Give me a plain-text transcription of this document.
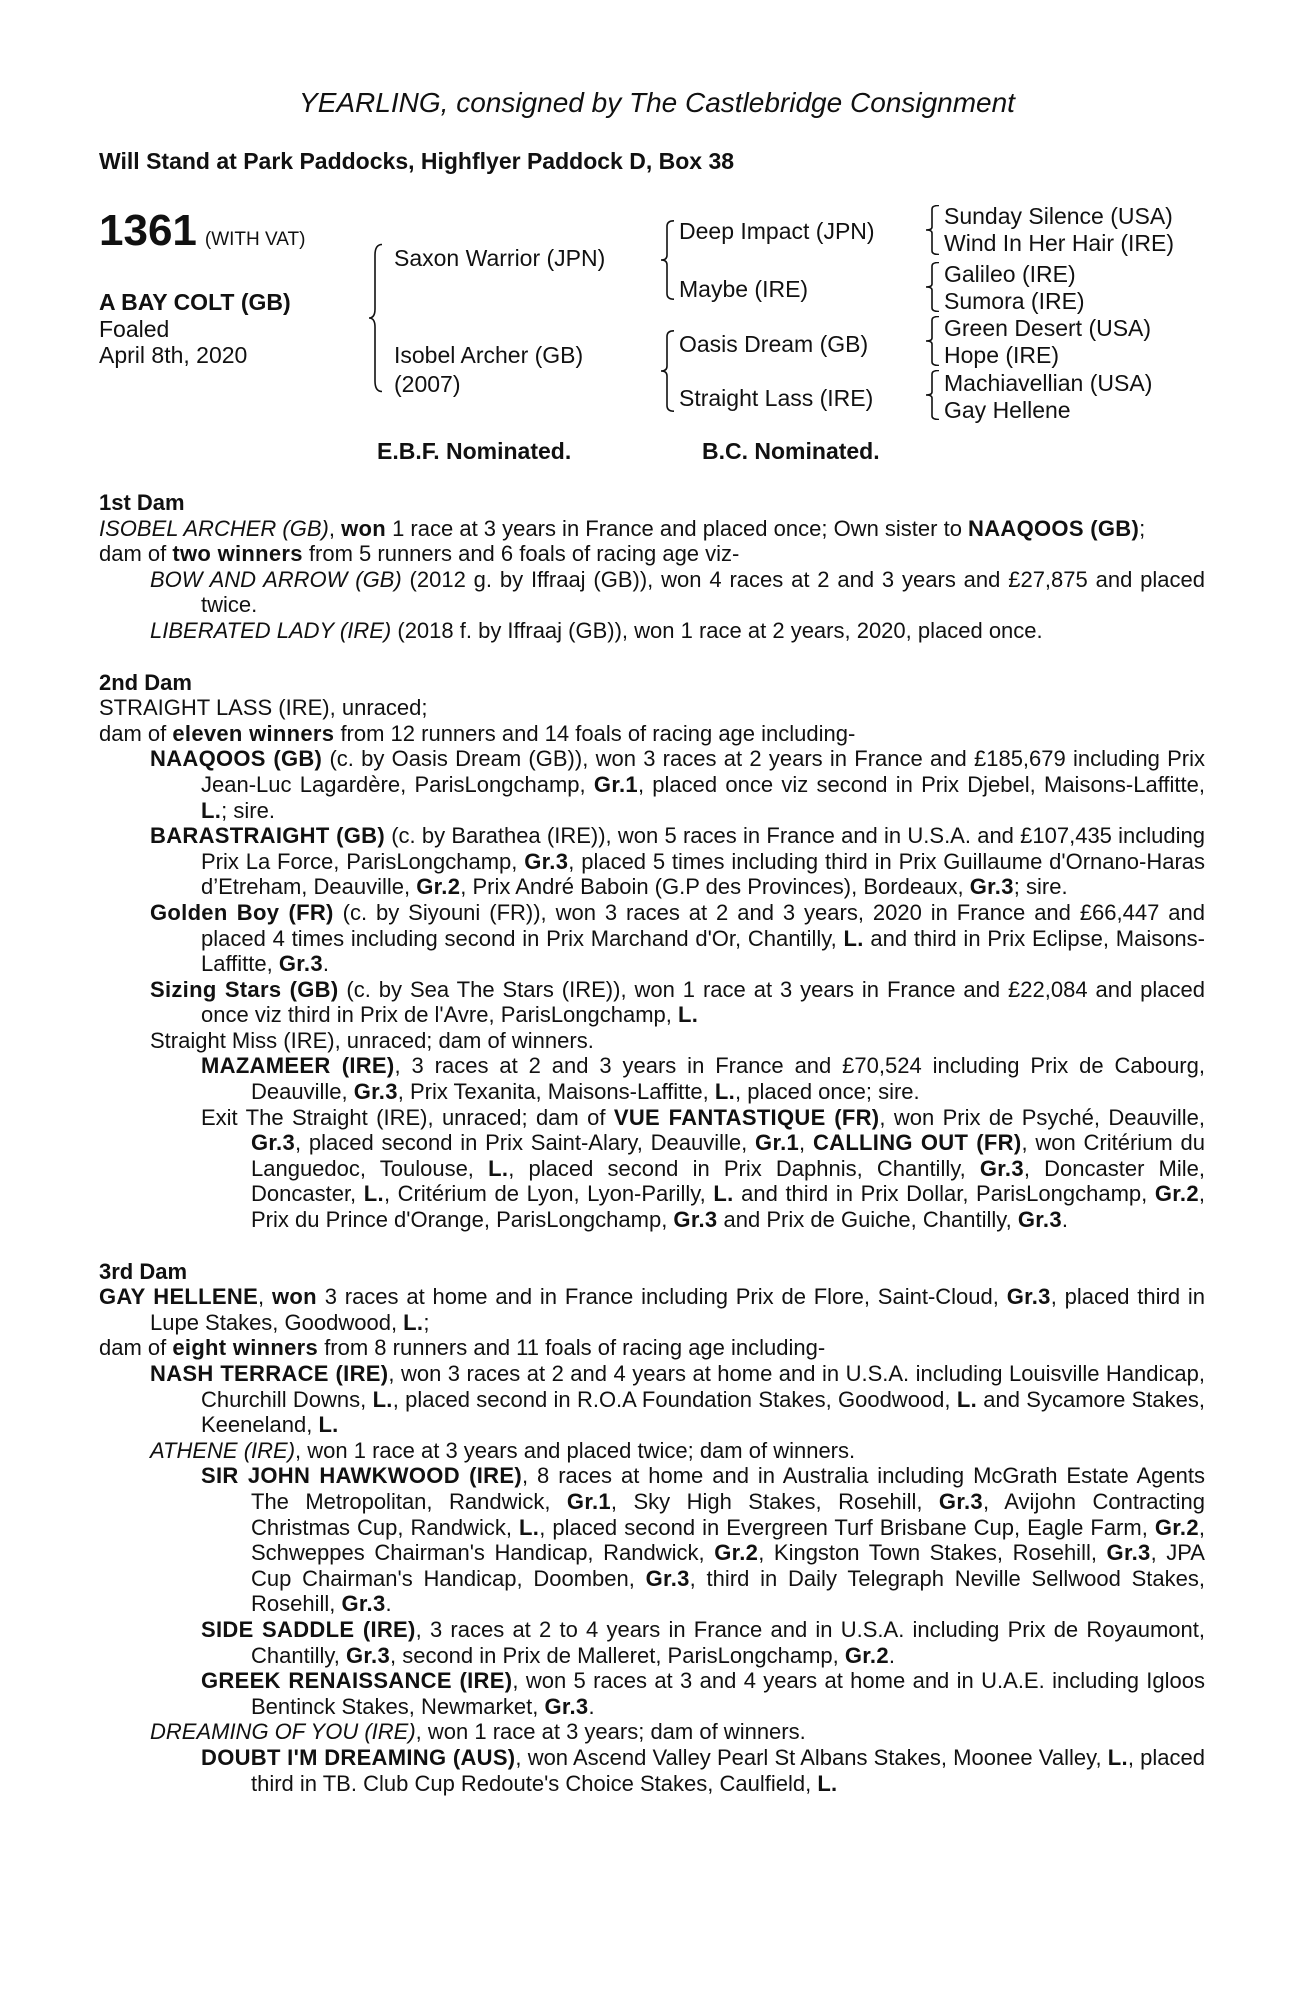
YEARLING, consigned by The Castlebridge Consignment
Will Stand at Park Paddocks, Highflyer Paddock D, Box 38
1361 (WITH VAT)
A BAY COLT (GB)
Foaled
April 8th, 2020
Saxon Warrior (JPN)
Isobel Archer (GB)
(2007)
Deep Impact (JPN)
Maybe (IRE)
Oasis Dream (GB)
Straight Lass (IRE)
Sunday Silence (USA)
Wind In Her Hair (IRE)
Galileo (IRE)
Sumora (IRE)
Green Desert (USA)
Hope (IRE)
Machiavellian (USA)
Gay Hellene
E.B.F. Nominated.	B.C. Nominated.
1st Dam
ISOBEL ARCHER (GB), won 1 race at 3 years in France and placed once; Own sister to NAAQOOS (GB);
dam of two winners from 5 runners and 6 foals of racing age viz-
BOW AND ARROW (GB) (2012 g. by Iffraaj (GB)), won 4 races at 2 and 3 years and £27,875 and placed twice.
LIBERATED LADY (IRE) (2018 f. by Iffraaj (GB)), won 1 race at 2 years, 2020, placed once.
2nd Dam
STRAIGHT LASS (IRE), unraced;
dam of eleven winners from 12 runners and 14 foals of racing age including-
NAAQOOS (GB) (c. by Oasis Dream (GB)), won 3 races at 2 years in France and £185,679 including Prix Jean-Luc Lagardère, ParisLongchamp, Gr.1, placed once viz second in Prix Djebel, Maisons-Laffitte, L.; sire.
BARASTRAIGHT (GB) (c. by Barathea (IRE)), won 5 races in France and in U.S.A. and £107,435 including Prix La Force, ParisLongchamp, Gr.3, placed 5 times including third in Prix Guillaume d'Ornano-Haras d’Etreham, Deauville, Gr.2, Prix André Baboin (G.P des Provinces), Bordeaux, Gr.3; sire.
Golden Boy (FR) (c. by Siyouni (FR)), won 3 races at 2 and 3 years, 2020 in France and £66,447 and placed 4 times including second in Prix Marchand d'Or, Chantilly, L. and third in Prix Eclipse, Maisons-Laffitte, Gr.3.
Sizing Stars (GB) (c. by Sea The Stars (IRE)), won 1 race at 3 years in France and £22,084 and placed once viz third in Prix de l'Avre, ParisLongchamp, L.
Straight Miss (IRE), unraced; dam of winners.
MAZAMEER (IRE), 3 races at 2 and 3 years in France and £70,524 including Prix de Cabourg, Deauville, Gr.3, Prix Texanita, Maisons-Laffitte, L., placed once; sire.
Exit The Straight (IRE), unraced; dam of VUE FANTASTIQUE (FR), won Prix de Psyché, Deauville, Gr.3, placed second in Prix Saint-Alary, Deauville, Gr.1, CALLING OUT (FR), won Critérium du Languedoc, Toulouse, L., placed second in Prix Daphnis, Chantilly, Gr.3, Doncaster Mile, Doncaster, L., Critérium de Lyon, Lyon-Parilly, L. and third in Prix Dollar, ParisLongchamp, Gr.2, Prix du Prince d'Orange, ParisLongchamp, Gr.3 and Prix de Guiche, Chantilly, Gr.3.
3rd Dam
GAY HELLENE, won 3 races at home and in France including Prix de Flore, Saint-Cloud, Gr.3, placed third in Lupe Stakes, Goodwood, L.;
dam of eight winners from 8 runners and 11 foals of racing age including-
NASH TERRACE (IRE), won 3 races at 2 and 4 years at home and in U.S.A. including Louisville Handicap, Churchill Downs, L., placed second in R.O.A Foundation Stakes, Goodwood, L. and Sycamore Stakes, Keeneland, L.
ATHENE (IRE), won 1 race at 3 years and placed twice; dam of winners.
SIR JOHN HAWKWOOD (IRE), 8 races at home and in Australia including McGrath Estate Agents The Metropolitan, Randwick, Gr.1, Sky High Stakes, Rosehill, Gr.3, Avijohn Contracting Christmas Cup, Randwick, L., placed second in Evergreen Turf Brisbane Cup, Eagle Farm, Gr.2, Schweppes Chairman's Handicap, Randwick, Gr.2, Kingston Town Stakes, Rosehill, Gr.3, JPA Cup Chairman's Handicap, Doomben, Gr.3, third in Daily Telegraph Neville Sellwood Stakes, Rosehill, Gr.3.
SIDE SADDLE (IRE), 3 races at 2 to 4 years in France and in U.S.A. including Prix de Royaumont, Chantilly, Gr.3, second in Prix de Malleret, ParisLongchamp, Gr.2.
GREEK RENAISSANCE (IRE), won 5 races at 3 and 4 years at home and in U.A.E. including Igloos Bentinck Stakes, Newmarket, Gr.3.
DREAMING OF YOU (IRE), won 1 race at 3 years; dam of winners.
DOUBT I'M DREAMING (AUS), won Ascend Valley Pearl St Albans Stakes, Moonee Valley, L., placed third in TB. Club Cup Redoute's Choice Stakes, Caulfield, L.
